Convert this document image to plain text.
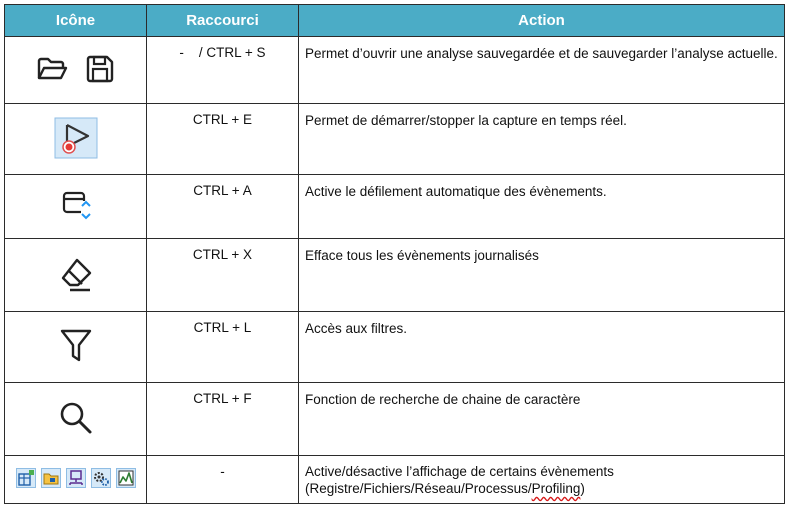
Icône	Raccourci	Action

	-    / CTRL + S	Permet d’ouvrir une analyse sauvegardée et de sauvegarder l’analyse actuelle.

	CTRL + E	Permet de démarrer/stopper la capture en temps réel.

	CTRL + A	Active le défilement automatique des évènements.

	CTRL + X	Efface tous les évènements journalisés

	CTRL + L	Accès aux filtres.

	CTRL + F	Fonction de recherche de chaine de caractère

	-	Active/désactive l’affichage de certains évènements
(Registre/Fichiers/Réseau/Processus/Profiling)
